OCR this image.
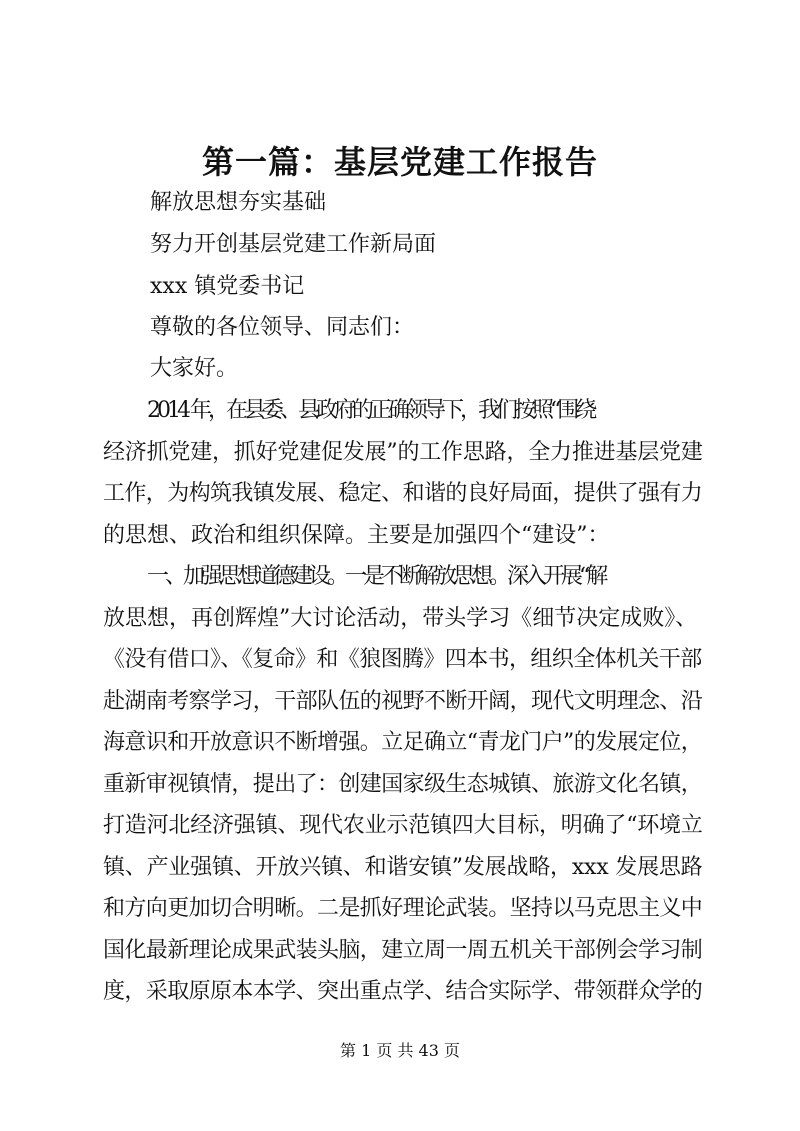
第一篇：基层党建工作报告
解放思想夯实基础
努力开创基层党建工作新局面
xxx 镇党委书记
尊敬的各位领导、同志们：
大家好。

2014 年，在县委、县政府的正确领导下，我们按照“围绕
经济抓党建，抓好党建促发展”的工作思路，全力推进基层党建
工作，为构筑我镇发展、稳定、和谐的良好局面，提供了强有力
的思想、政治和组织保障。主要是加强四个“建设”：

一、加强思想道德建设。一是不断解放思想。深入开展“解
放思想，再创辉煌”大讨论活动，带头学习《细节决定成败》、
《没有借口》、《复命》和《狼图腾》四本书，组织全体机关干部
赴湖南考察学习，干部队伍的视野不断开阔，现代文明理念、沿
海意识和开放意识不断增强。立足确立“青龙门户”的发展定位，
重新审视镇情，提出了：创建国家级生态城镇、旅游文化名镇，
打造河北经济强镇、现代农业示范镇四大目标，明确了“环境立
镇、产业强镇、开放兴镇、和谐安镇”发展战略，xxx 发展思路
和方向更加切合明晰。二是抓好理论武装。坚持以马克思主义中
国化最新理论成果武装头脑，建立周一周五机关干部例会学习制
度，采取原原本本学、突出重点学、结合实际学、带领群众学的

第 1 页 共 43 页
